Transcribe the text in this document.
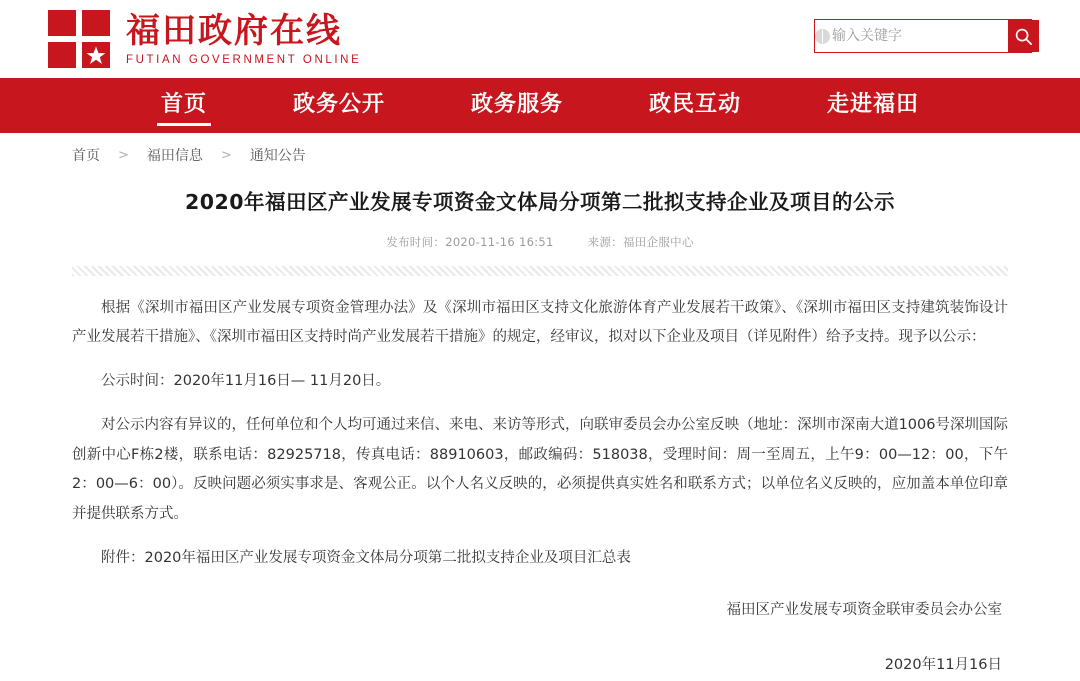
福田政府在线
FUTIAN GOVERNMENT ONLINE
输入关键字
首页	政务公开	政务服务	政民互动	走进福田
首页 > 福田信息 > 通知公告
2020年福田区产业发展专项资金文体局分项第二批拟支持企业及项目的公示
发布时间：2020-11-16 16:51	来源：福田企服中心

根据《深圳市福田区产业发展专项资金管理办法》及《深圳市福田区支持文化旅游体育产业发展若干政策》、《深圳市福田区支持建筑装饰设计产业发展若干措施》、《深圳市福田区支持时尚产业发展若干措施》的规定，经审议，拟对以下企业及项目（详见附件）给予支持。现予以公示：

公示时间：2020年11月16日— 11月20日。

对公示内容有异议的，任何单位和个人均可通过来信、来电、来访等形式，向联审委员会办公室反映（地址：深圳市深南大道1006号深圳国际创新中心F栋2楼，联系电话：82925718，传真电话：88910603，邮政编码：518038，受理时间：周一至周五，上午9：00—12：00，下午2：00—6：00）。反映问题必须实事求是、客观公正。以个人名义反映的，必须提供真实姓名和联系方式；以单位名义反映的，应加盖本单位印章并提供联系方式。

附件：2020年福田区产业发展专项资金文体局分项第二批拟支持企业及项目汇总表

福田区产业发展专项资金联审委员会办公室
2020年11月16日
